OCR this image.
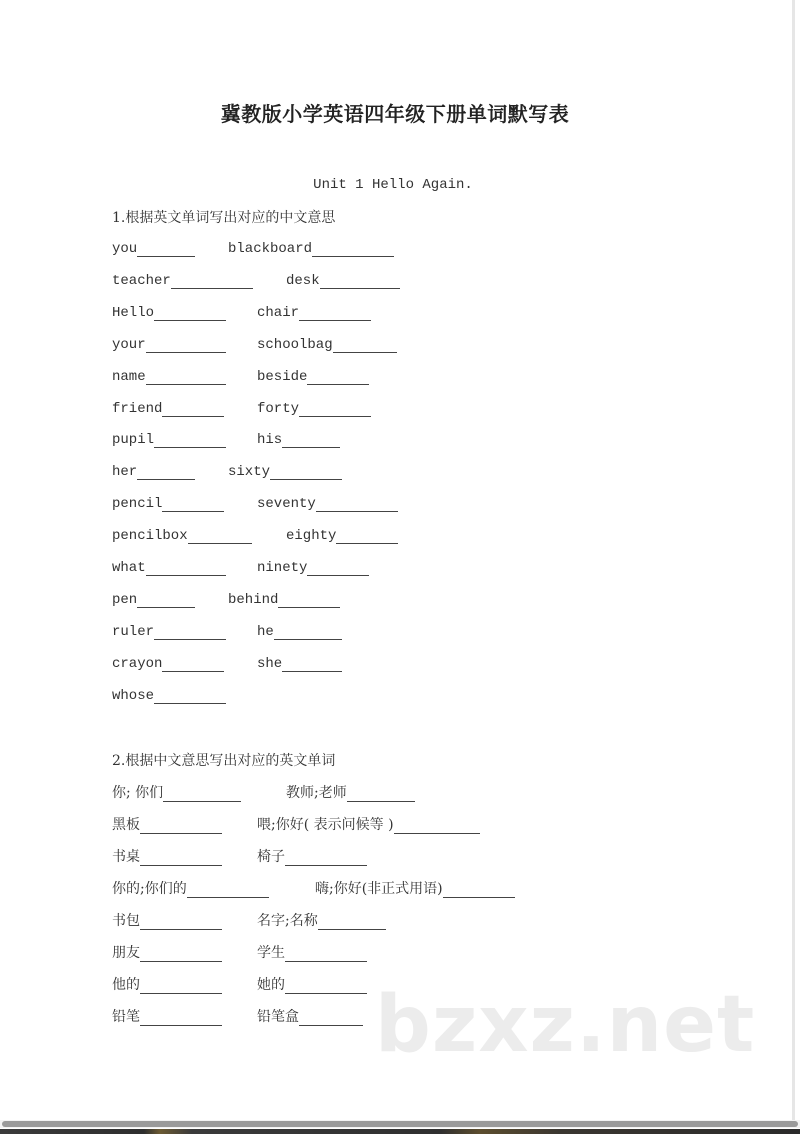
冀教版小学英语四年级下册单词默写表
Unit 1 Hello Again.
1.根据英文单词写出对应的中文意思
you	blackboard
teacher	desk
Hello	chair
your	schoolbag
name	beside
friend	forty
pupil	his
her	sixty
pencil	seventy
pencilbox	eighty
what	ninety
pen	behind
ruler	he
crayon	she
whose
2.根据中文意思写出对应的英文单词
你; 你们	教师;老师
黑板	喂;你好( 表示问候等 )
书桌	椅子
你的;你们的	嗨;你好(非正式用语)
书包	名字;名称
朋友	学生
他的	她的
铅笔	铅笔盒 bzxz.net
